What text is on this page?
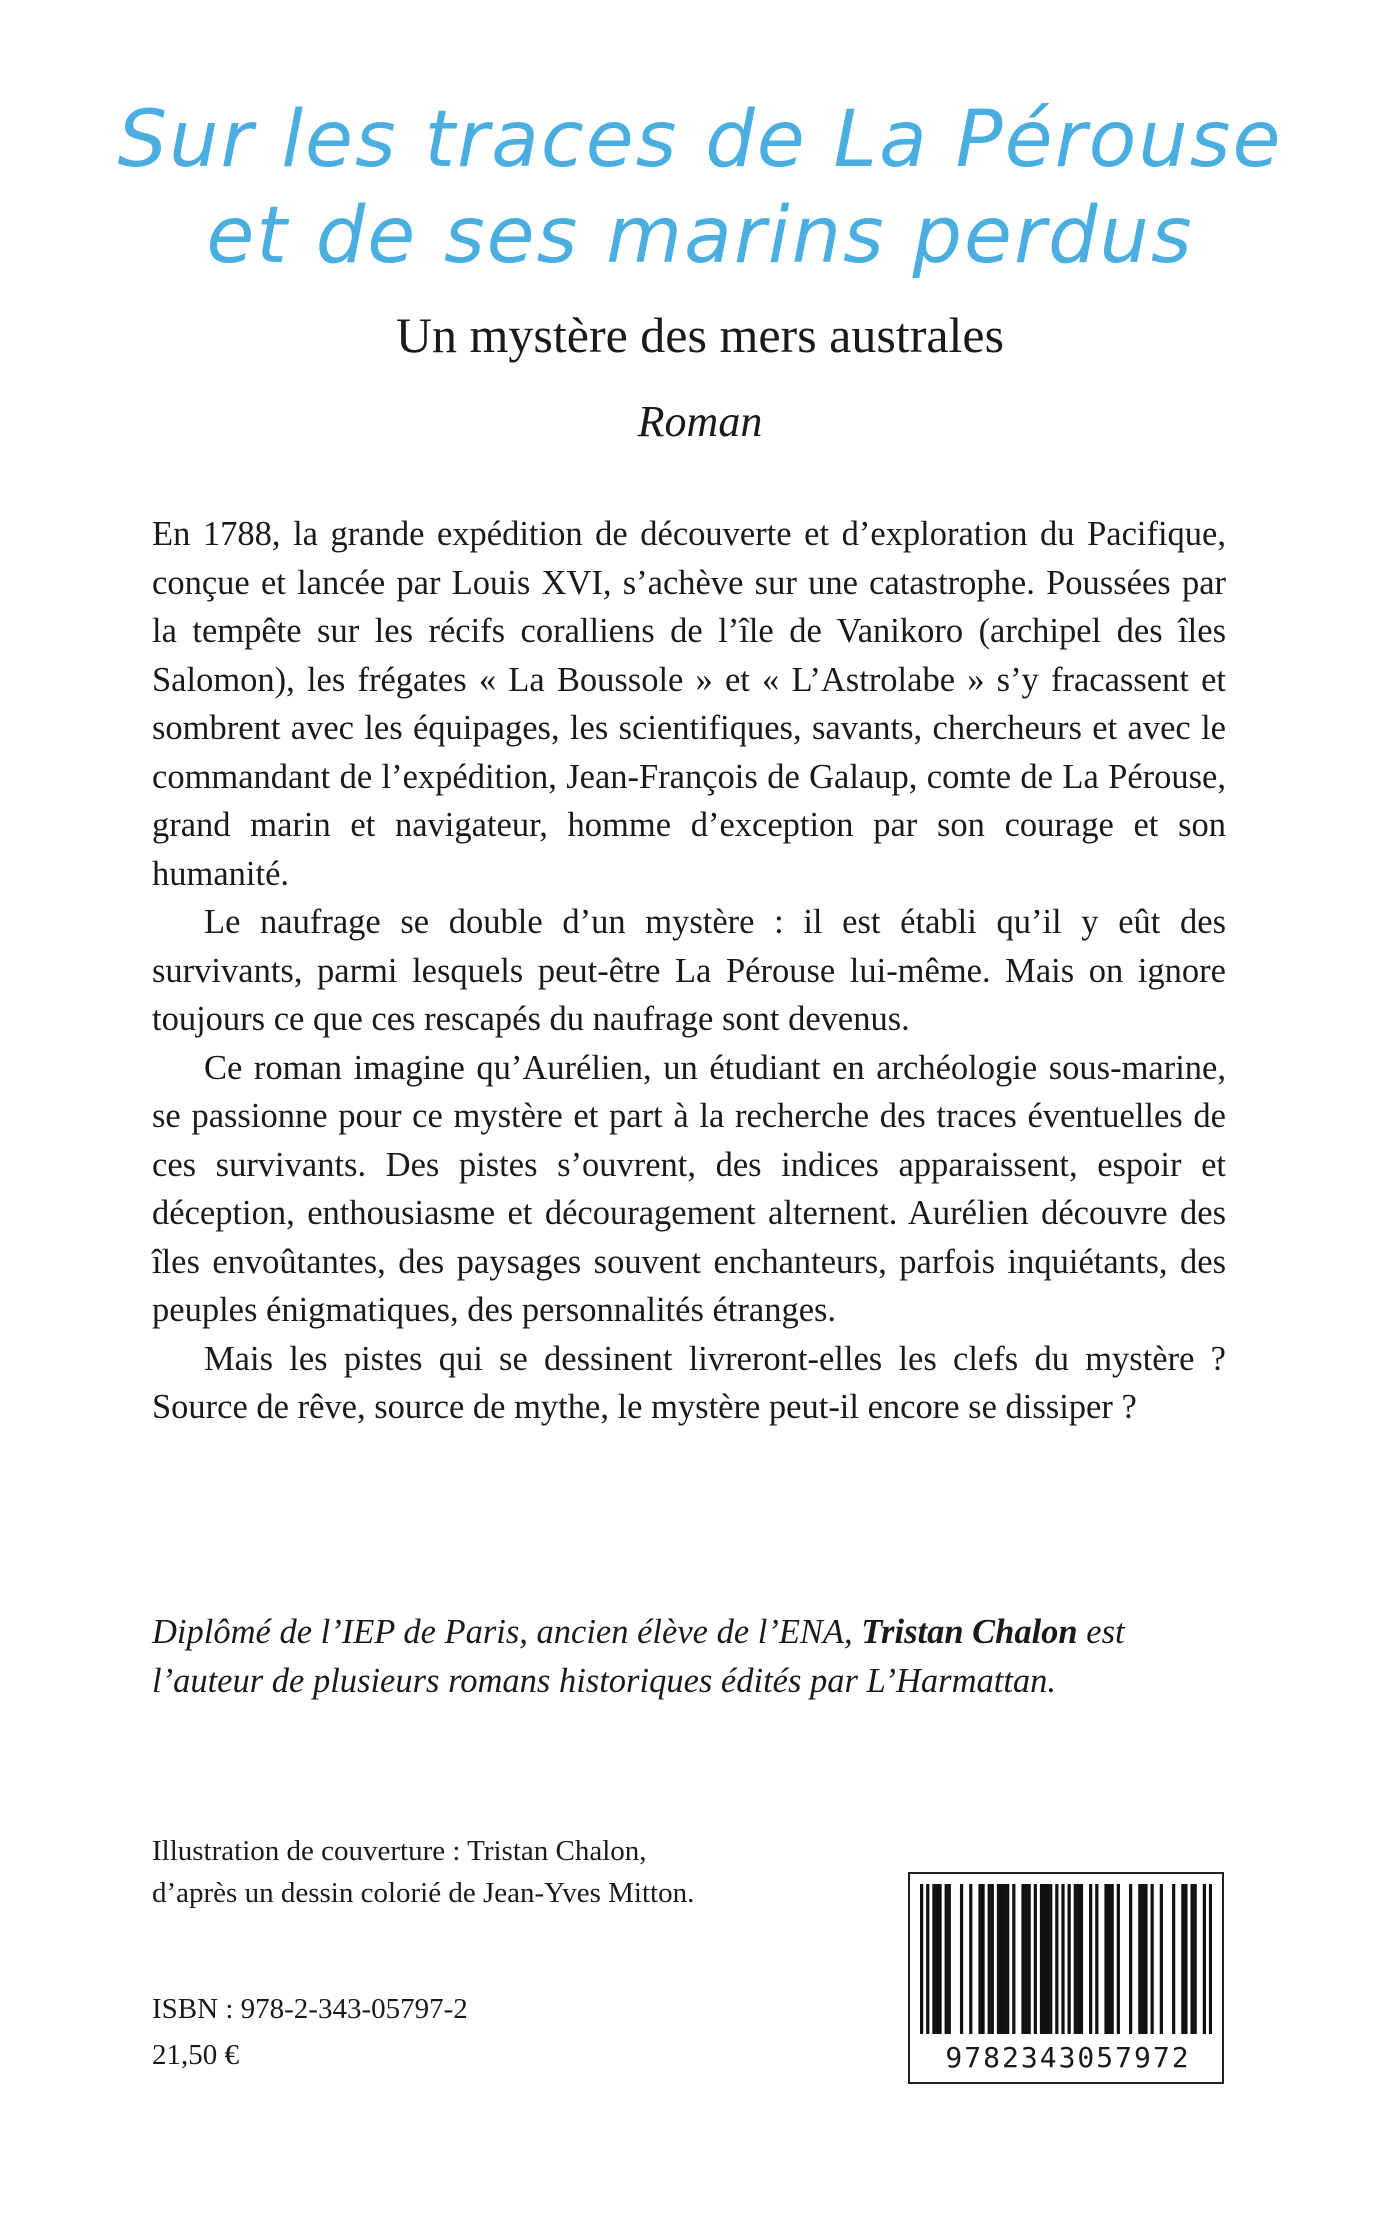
Sur les traces de La Pérouse
et de ses marins perdus
Un mystère des mers australes
Roman

En 1788, la grande expédition de découverte et d’exploration du Pacifique, conçue et lancée par Louis XVI, s’achève sur une catastrophe. Poussées par la tempête sur les récifs coralliens de l’île de Vanikoro (archipel des îles Salomon), les frégates « La Boussole » et « L’Astrolabe » s’y fracassent et sombrent avec les équipages, les scientifiques, savants, chercheurs et avec le commandant de l’expédition, Jean-François de Galaup, comte de La Pérouse, grand marin et navigateur, homme d’exception par son courage et son humanité.

Le naufrage se double d’un mystère : il est établi qu’il y eût des survivants, parmi lesquels peut-être La Pérouse lui-même. Mais on ignore toujours ce que ces rescapés du naufrage sont devenus.

Ce roman imagine qu’Aurélien, un étudiant en archéologie sous-marine, se passionne pour ce mystère et part à la recherche des traces éventuelles de ces survivants. Des pistes s’ouvrent, des indices apparaissent, espoir et déception, enthousiasme et découragement alternent. Aurélien découvre des îles envoûtantes, des paysages souvent enchanteurs, parfois inquiétants, des peuples énigmatiques, des personnalités étranges.

Mais les pistes qui se dessinent livreront-elles les clefs du mystère ? Source de rêve, source de mythe, le mystère peut-il encore se dissiper ?

Diplômé de l’IEP de Paris, ancien élève de l’ENA, Tristan Chalon est l’auteur de plusieurs romans historiques édités par L’Harmattan.

Illustration de couverture : Tristan Chalon,

d’après un dessin colorié de Jean-Yves Mitton.

ISBN : 978-2-343-05797-2
21,50 €	9782343057972
